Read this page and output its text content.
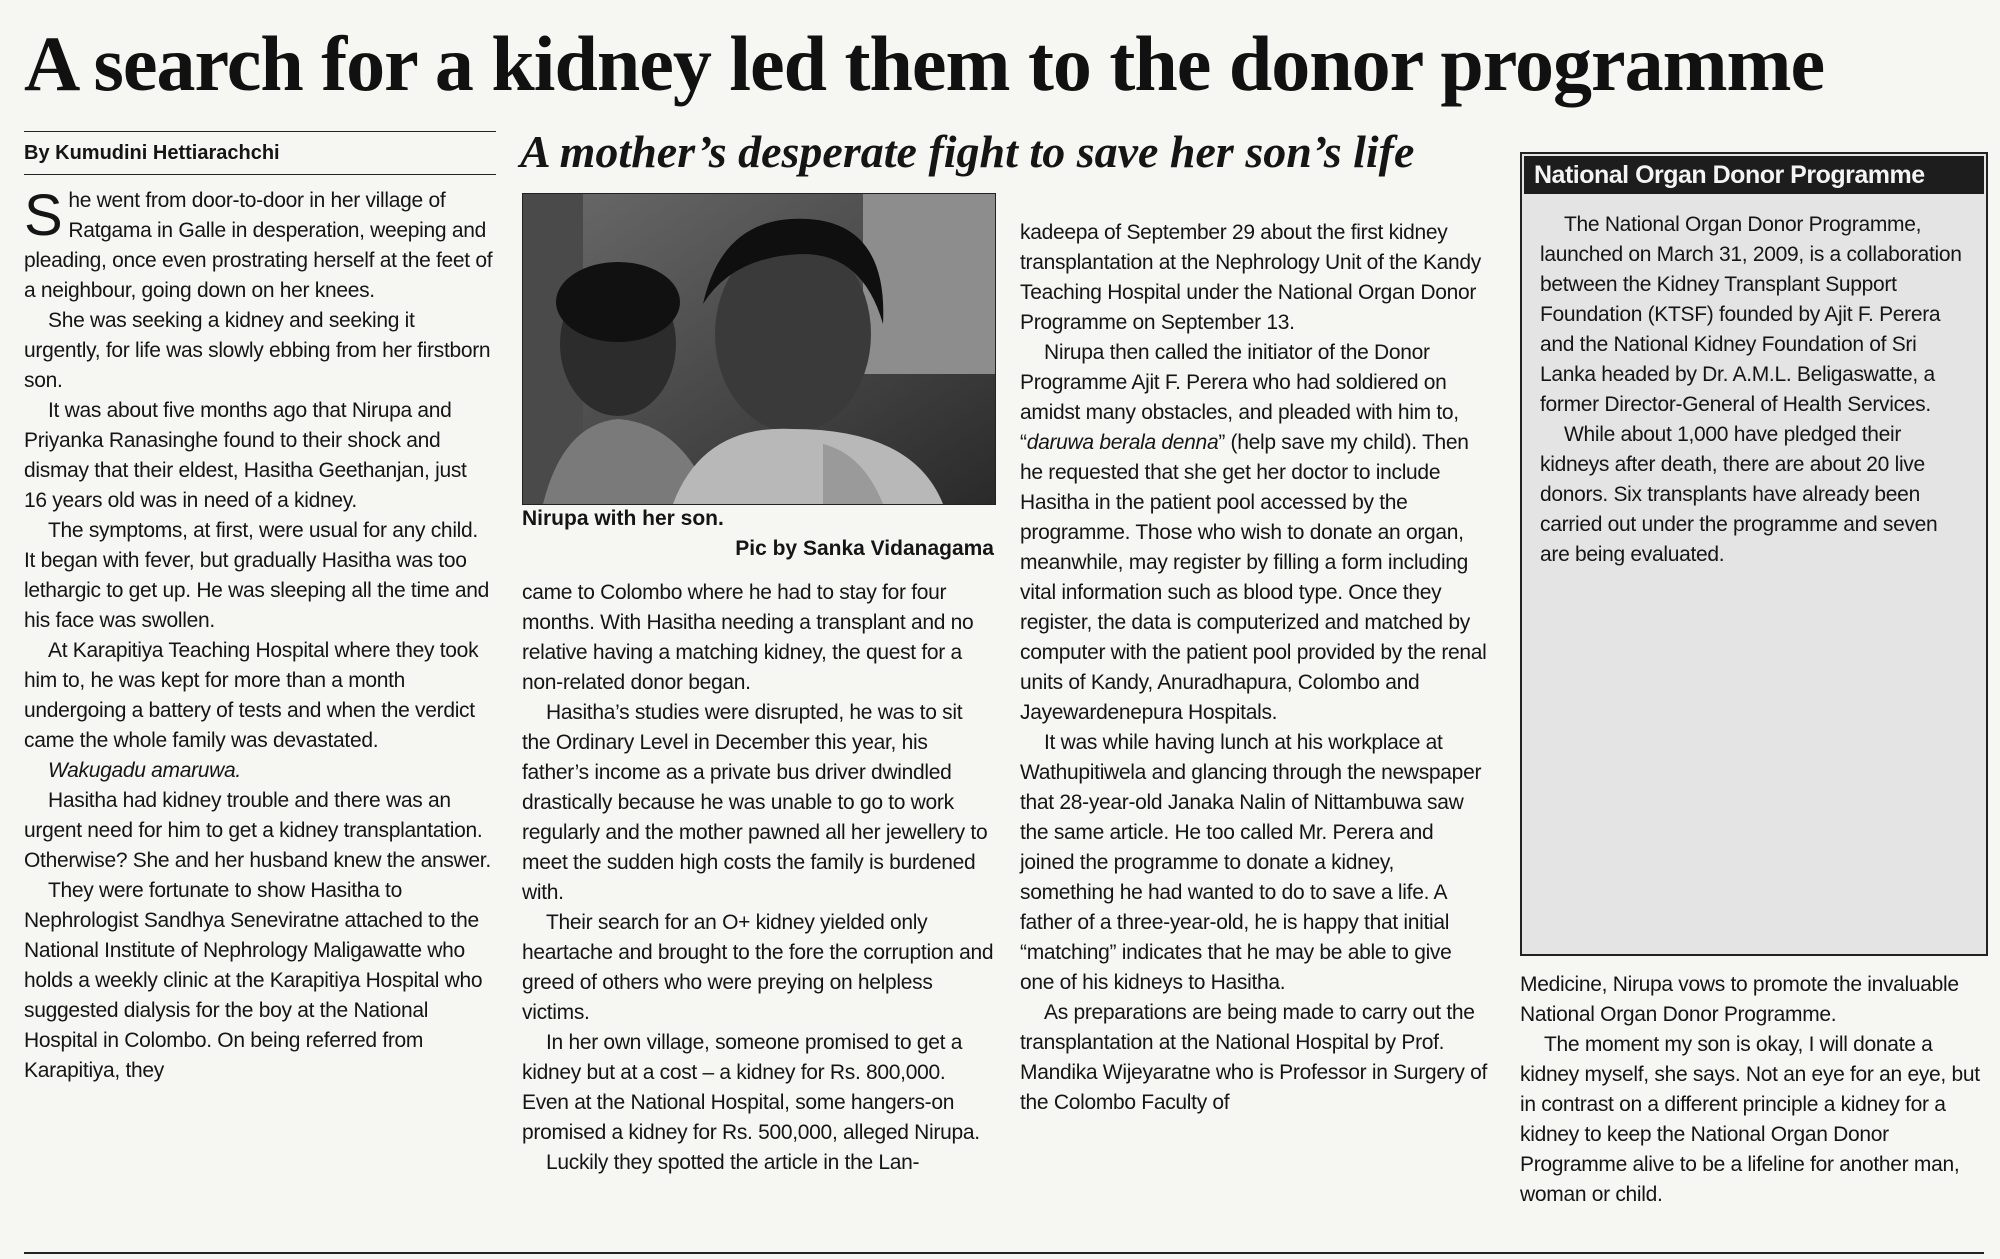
A search for a kidney led them to the donor programme
By Kumudini Hettiarachchi	A mother’s desperate fight to save her son’s life

She went from door-to-door in her village of Ratgama in Galle in desperation, weeping and pleading, once even prostrating herself at the feet of a neighbour, going down on her knees.

She was seeking a kidney and seeking it urgently, for life was slowly ebbing from her firstborn son.

It was about five months ago that Nirupa and Priyanka Ranasinghe found to their shock and dismay that their eldest, Hasitha Geethanjan, just 16 years old was in need of a kidney.

The symptoms, at first, were usual for any child. It began with fever, but gradually Hasitha was too lethargic to get up. He was sleeping all the time and his face was swollen.

At Karapitiya Teaching Hospital where they took him to, he was kept for more than a month undergoing a battery of tests and when the verdict came the whole family was devastated.

Wakugadu amaruwa.

Hasitha had kidney trouble and there was an urgent need for him to get a kidney transplantation. Otherwise? She and her husband knew the answer.

They were fortunate to show Hasitha to Nephrologist Sandhya Seneviratne attached to the National Institute of Nephrology Maligawatte who holds a weekly clinic at the Karapitiya Hospital who suggested dialysis for the boy at the National Hospital in Colombo. On being referred from Karapitiya, they

Nirupa with her son.
Pic by Sanka Vidanagama

came to Colombo where he had to stay for four months. With Hasitha needing a transplant and no relative having a matching kidney, the quest for a non-related donor began.

Hasitha’s studies were disrupted, he was to sit the Ordinary Level in December this year, his father’s income as a private bus driver dwindled drastically because he was unable to go to work regularly and the mother pawned all her jewellery to meet the sudden high costs the family is burdened with.

Their search for an O+ kidney yielded only heartache and brought to the fore the corruption and greed of others who were preying on helpless victims.

In her own village, someone promised to get a kidney but at a cost – a kidney for Rs. 800,000. Even at the National Hospital, some hangers-on promised a kidney for Rs. 500,000, alleged Nirupa.

Luckily they spotted the article in the Lan-

kadeepa of September 29 about the first kidney transplantation at the Nephrology Unit of the Kandy Teaching Hospital under the National Organ Donor Programme on September 13.

Nirupa then called the initiator of the Donor Programme Ajit F. Perera who had soldiered on amidst many obstacles, and pleaded with him to, “daruwa berala denna” (help save my child). Then he requested that she get her doctor to include Hasitha in the patient pool accessed by the programme. Those who wish to donate an organ, meanwhile, may register by filling a form including vital information such as blood type. Once they register, the data is computerized and matched by computer with the patient pool provided by the renal units of Kandy, Anuradhapura, Colombo and Jayewardenepura Hospitals.

It was while having lunch at his workplace at Wathupitiwela and glancing through the newspaper that 28-year-old Janaka Nalin of Nittambuwa saw the same article. He too called Mr. Perera and joined the programme to donate a kidney, something he had wanted to do to save a life. A father of a three-year-old, he is happy that initial “matching” indicates that he may be able to give one of his kidneys to Hasitha.

As preparations are being made to carry out the transplantation at the National Hospital by Prof. Mandika Wijeyaratne who is Professor in Surgery of the Colombo Faculty of

National Organ Donor Programme

The National Organ Donor Programme, launched on March 31, 2009, is a collaboration between the Kidney Transplant Support Foundation (KTSF) founded by Ajit F. Perera and the National Kidney Foundation of Sri Lanka headed by Dr. A.M.L. Beligaswatte, a former Director-General of Health Services.

While about 1,000 have pledged their kidneys after death, there are about 20 live donors. Six transplants have already been carried out under the programme and seven are being evaluated.

Medicine, Nirupa vows to promote the invaluable National Organ Donor Programme.

The moment my son is okay, I will donate a kidney myself, she says. Not an eye for an eye, but in contrast on a different principle a kidney for a kidney to keep the National Organ Donor Programme alive to be a lifeline for another man, woman or child.
